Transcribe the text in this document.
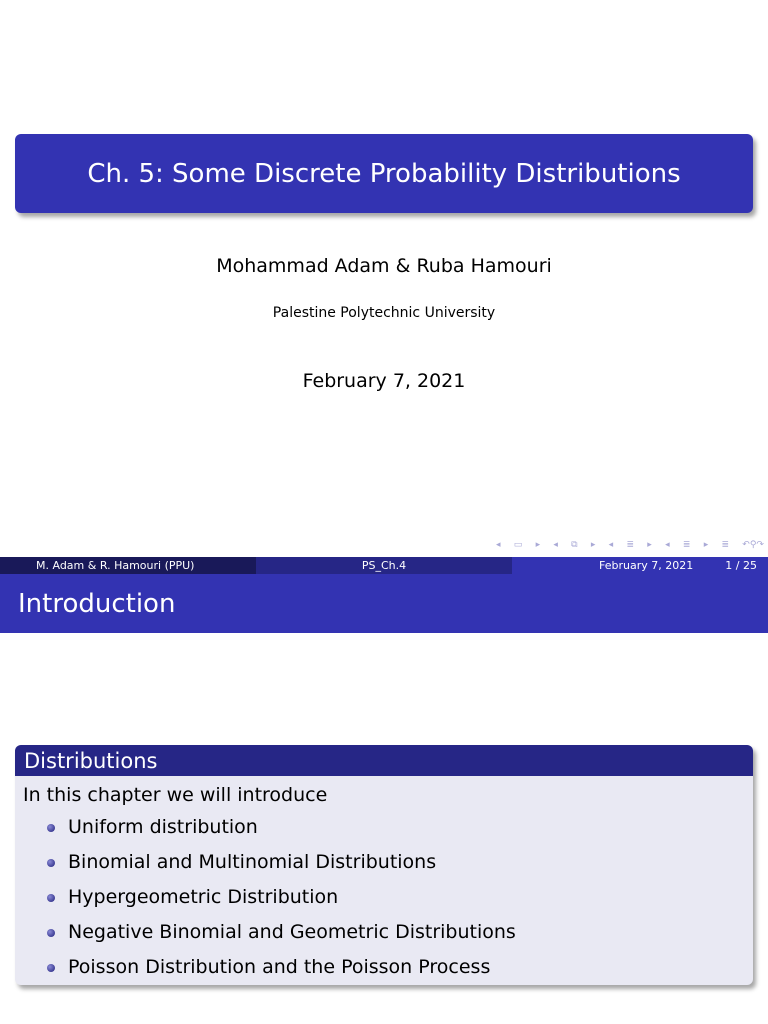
Ch. 5: Some Discrete Probability Distributions
Mohammad Adam & Ruba Hamouri
Palestine Polytechnic University
February 7, 2021
◂ ▭ ▸ ◂ ⧉ ▸ ◂ ≣ ▸ ◂ ≣ ▸ ≣ ↶⚲↷
M. Adam & R. Hamouri (PPU)	PS_Ch.4	February 7, 2021	1 / 25
Introduction
Distributions
In this chapter we will introduce
Uniform distribution
Binomial and Multinomial Distributions
Hypergeometric Distribution
Negative Binomial and Geometric Distributions
Poisson Distribution and the Poisson Process
